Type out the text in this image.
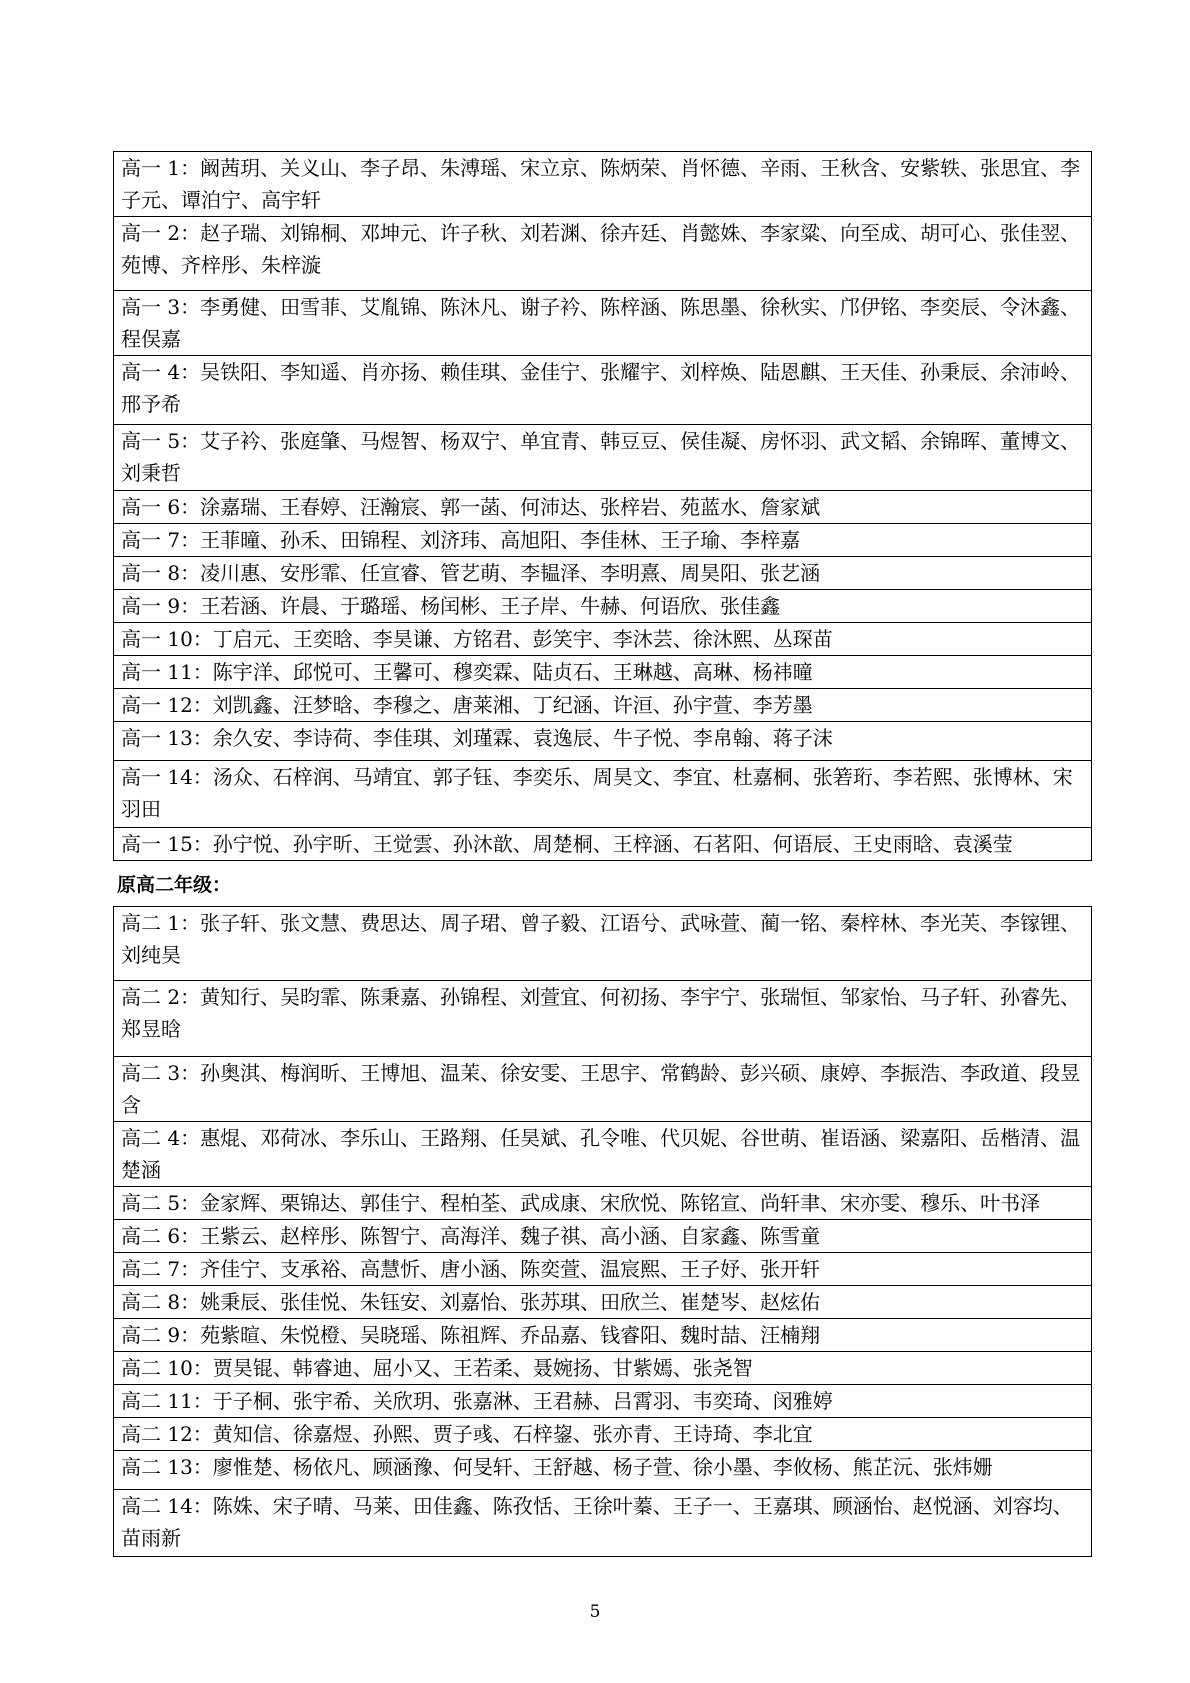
高一 1：阚茜玥、关义山、李子昂、朱溥瑶、宋立京、陈炳荣、肖怀德、辛雨、王秋含、安紫轶、张思宜、李子元、谭泊宁、高宇轩
高一 2：赵子瑞、刘锦桐、邓坤元、许子秋、刘若渊、徐卉廷、肖懿姝、李家粱、向至成、胡可心、张佳翌、苑博、齐梓彤、朱梓漩
高一 3：李勇健、田雪菲、艾胤锦、陈沐凡、谢子衿、陈梓涵、陈思墨、徐秋实、邝伊铭、李奕辰、令沐鑫、程俣嘉
高一 4：吴铁阳、李知遥、肖亦扬、赖佳琪、金佳宁、张耀宇、刘梓焕、陆恩麒、王天佳、孙秉辰、余沛岭、邢予希
高一 5：艾子衿、张庭肇、马煜智、杨双宁、单宜青、韩豆豆、侯佳凝、房怀羽、武文韬、余锦晖、董博文、刘秉哲
高一 6：涂嘉瑞、王春婷、汪瀚宸、郭一菡、何沛达、张梓岩、苑蓝水、詹家斌
高一 7：王菲曈、孙禾、田锦程、刘济玮、高旭阳、李佳林、王子瑜、李梓嘉
高一 8：凌川惠、安彤霏、任宣睿、管艺萌、李韫泽、李明熹、周昊阳、张艺涵
高一 9：王若涵、许晨、于璐瑶、杨闰彬、王子岸、牛赫、何语欣、张佳鑫
高一 10：丁启元、王奕晗、李昊谦、方铭君、彭笑宇、李沐芸、徐沐熙、丛琛苗
高一 11：陈宇洋、邱悦可、王馨可、穆奕霖、陆贞石、王琳越、高琳、杨祎曈
高一 12：刘凯鑫、汪梦晗、李穆之、唐莱湘、丁纪涵、许洹、孙宇萱、李芳墨
高一 13：余久安、李诗荷、李佳琪、刘瑾霖、袁逸辰、牛子悦、李帛翰、蒋子沫
高一 14：汤众、石梓润、马靖宜、郭子钰、李奕乐、周昊文、李宜、杜嘉桐、张箬珩、李若熙、张博林、宋羽田
高一 15：孙宁悦、孙宇昕、王觉雲、孙沐歆、周楚桐、王梓涵、石茗阳、何语辰、王史雨晗、袁溪莹
原高二年级：
高二 1：张子轩、张文慧、费思达、周子珺、曾子毅、江语兮、武咏萱、蔺一铭、秦梓林、李光芙、李镓锂、刘纯昊
高二 2：黄知行、吴昀霏、陈秉嘉、孙锦程、刘萱宜、何初扬、李宇宁、张瑞恒、邹家怡、马子轩、孙睿先、郑昱晗
高二 3：孙奥淇、梅润昕、王博旭、温茉、徐安雯、王思宇、常鹤龄、彭兴硕、康婷、李振浩、李政道、段昱含
高二 4：惠焜、邓荷冰、李乐山、王路翔、任昊斌、孔令唯、代贝妮、谷世萌、崔语涵、梁嘉阳、岳楷清、温楚涵
高二 5：金家辉、栗锦达、郭佳宁、程柏荃、武成康、宋欣悦、陈铭宣、尚轩聿、宋亦雯、穆乐、叶书泽
高二 6：王紫云、赵梓彤、陈智宁、高海洋、魏子祺、高小涵、自家鑫、陈雪童
高二 7：齐佳宁、支承裕、高慧忻、唐小涵、陈奕萱、温宸熙、王子妤、张开轩
高二 8：姚秉辰、张佳悦、朱钰安、刘嘉怡、张苏琪、田欣兰、崔楚岑、赵炫佑
高二 9：苑紫暄、朱悦橙、吴晓瑶、陈祖辉、乔品嘉、钱睿阳、魏时喆、汪楠翔
高二 10：贾昊锟、韩睿迪、屈小又、王若柔、聂婉扬、甘紫嫣、张尧智
高二 11：于子桐、张宇希、关欣玥、张嘉淋、王君赫、吕霄羽、韦奕琦、闵雅婷
高二 12：黄知信、徐嘉煜、孙熙、贾子彧、石梓鋆、张亦青、王诗琦、李北宜
高二 13：廖惟楚、杨依凡、顾涵豫、何旻轩、王舒越、杨子萱、徐小墨、李攸杨、熊芷沅、张炜姗
高二 14：陈姝、宋子晴、马莱、田佳鑫、陈孜恬、王徐叶蓁、王子一、王嘉琪、顾涵怡、赵悦涵、刘容均、苗雨新
5
